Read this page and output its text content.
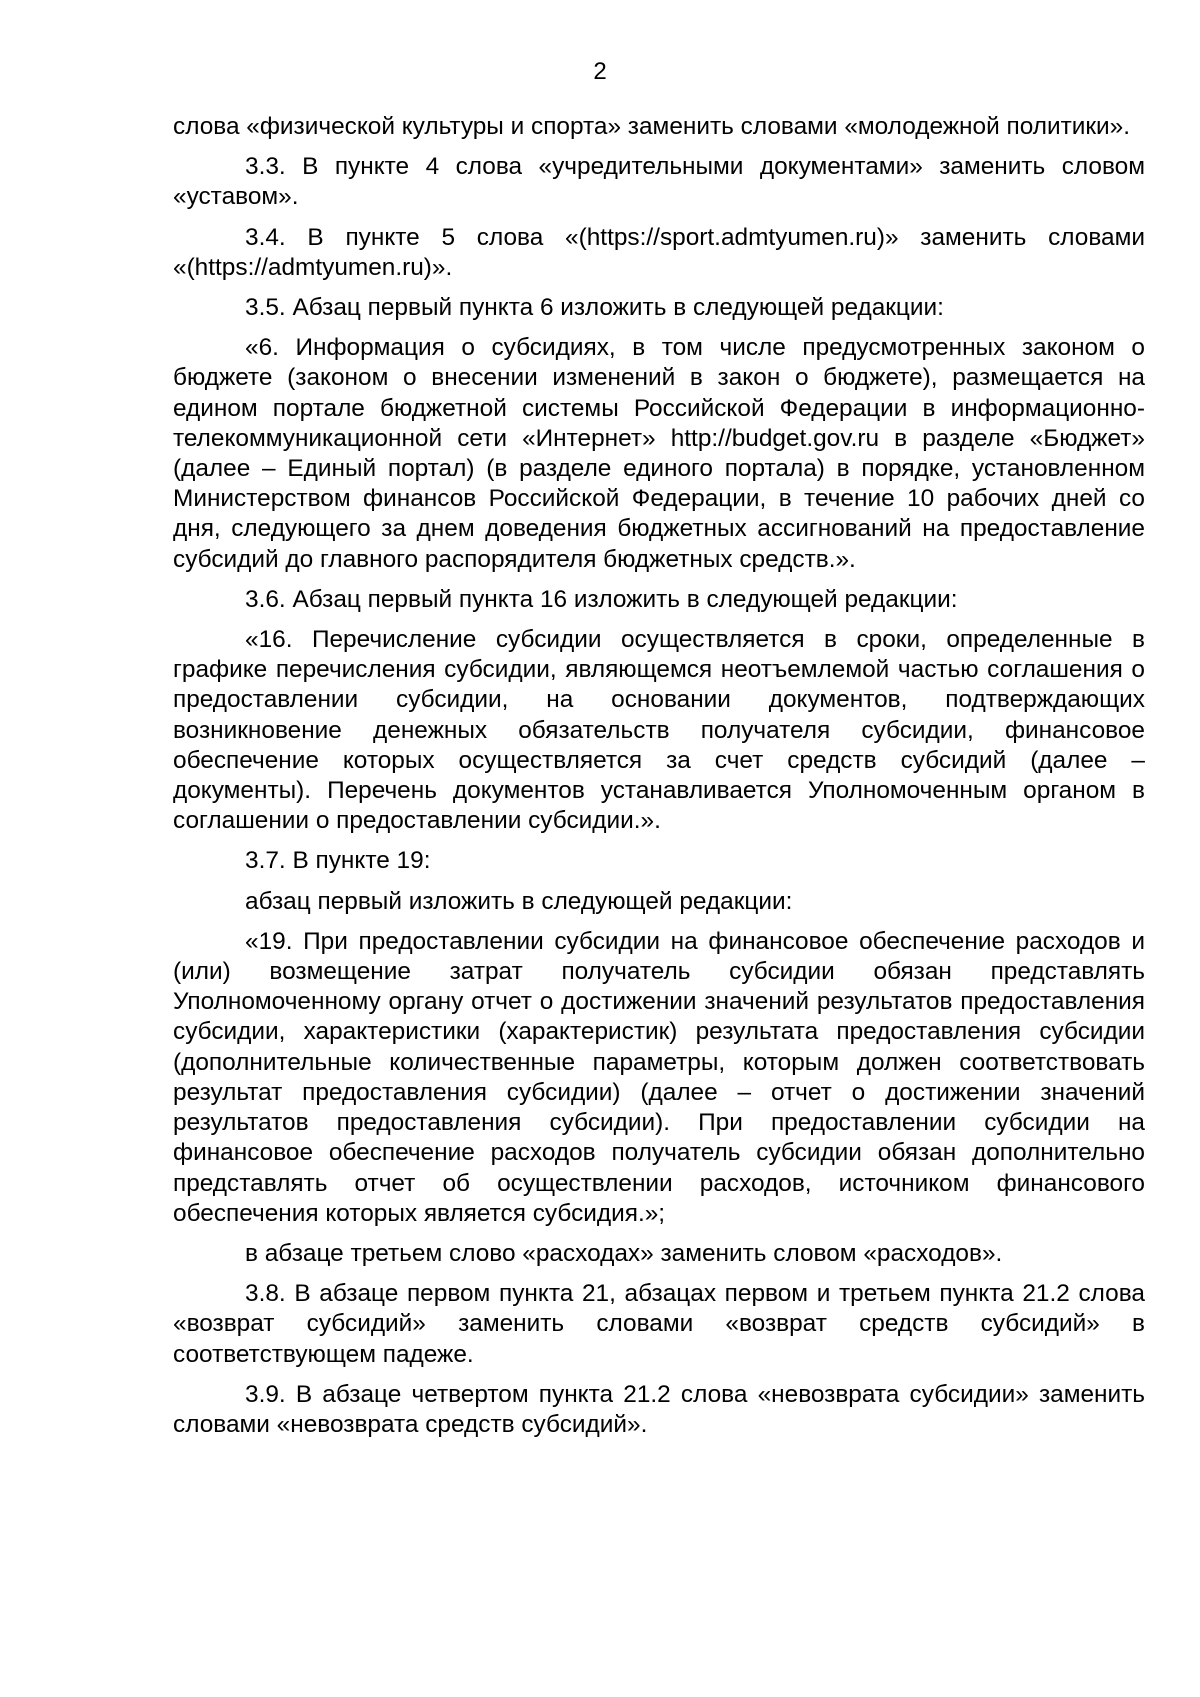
2

слова «физической культуры и спорта» заменить словами «молодежной политики».

3.3. В пункте 4 слова «учредительными документами» заменить словом «уставом».

3.4. В пункте 5 слова «(https://sport.admtyumen.ru)» заменить словами «(https://admtyumen.ru)».

3.5. Абзац первый пункта 6 изложить в следующей редакции:

«6. Информация о субсидиях, в том числе предусмотренных законом о бюджете (законом о внесении изменений в закон о бюджете), размещается на едином портале бюджетной системы Российской Федерации в информационно-телекоммуникационной сети «Интернет» http://budget.gov.ru в разделе «Бюджет» (далее – Единый портал) (в разделе единого портала) в порядке, установленном Министерством финансов Российской Федерации, в течение 10 рабочих дней со дня, следующего за днем доведения бюджетных ассигнований на предоставление субсидий до главного распорядителя бюджетных средств.».

3.6. Абзац первый пункта 16 изложить в следующей редакции:

«16. Перечисление субсидии осуществляется в сроки, определенные в графике перечисления субсидии, являющемся неотъемлемой частью соглашения о предоставлении субсидии, на основании документов, подтверждающих возникновение денежных обязательств получателя субсидии, финансовое обеспечение которых осуществляется за счет средств субсидий (далее – документы). Перечень документов устанавливается Уполномоченным органом в соглашении о предоставлении субсидии.».

3.7. В пункте 19:

абзац первый изложить в следующей редакции:

«19. При предоставлении субсидии на финансовое обеспечение расходов и (или) возмещение затрат получатель субсидии обязан представлять Уполномоченному органу отчет о достижении значений результатов предоставления субсидии, характеристики (характеристик) результата предоставления субсидии (дополнительные количественные параметры, которым должен соответствовать результат предоставления субсидии) (далее – отчет о достижении значений результатов предоставления субсидии). При предоставлении субсидии на финансовое обеспечение расходов получатель субсидии обязан дополнительно представлять отчет об осуществлении расходов, источником финансового обеспечения которых является субсидия.»;

в абзаце третьем слово «расходах» заменить словом «расходов».

3.8. В абзаце первом пункта 21, абзацах первом и третьем пункта 21.2 слова «возврат субсидий» заменить словами «возврат средств субсидий» в соответствующем падеже.

3.9. В абзаце четвертом пункта 21.2 слова «невозврата субсидии» заменить словами «невозврата средств субсидий».
